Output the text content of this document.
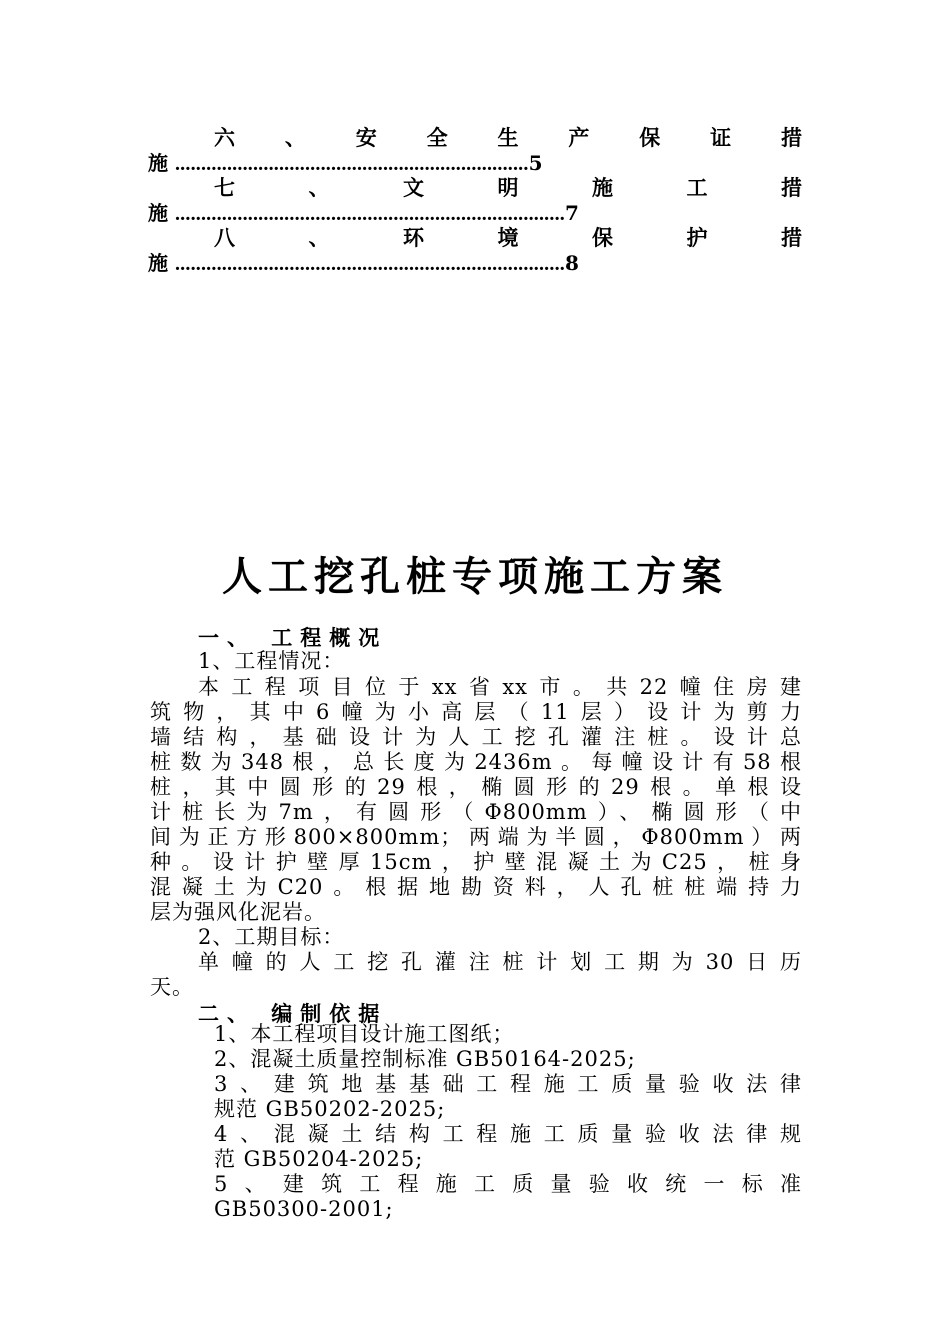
六 、 安 全 生 产 保 证 措
施 ....................................................................5
七	、	文	明	施	工	措
施 ...........................................................................7
八	、	环	境	保	护	措
施 ...........................................................................8
人工挖孔桩专项施工方案
一、 工程概况
1、工程情况：
本工程项目位于xx省xx市。共22幢住房建
筑物，其中6幢为小高层（11层）设计为剪力
墙结构，基础设计为人工挖孔灌注桩。设计总
桩数为348根，总长度为2436m。每幢设计有58根
桩，其中圆形的29根，椭圆形的29根。单根设
计桩长为7m，有圆形（Φ800mm）、椭圆形（中
间为正方形800×800mm；两端为半圆，Φ800mm）两
种。设计护壁厚15cm，护壁混凝土为C25，桩身
混凝土为C20。根据地勘资料，人孔桩桩端持力
层为强风化泥岩。
2、工期目标：
单幢的人工挖孔灌注桩计划工期为30日历
天。
二、 编制依据
1、本工程项目设计施工图纸；
2、混凝土质量控制标准 GB50164-2025;
3、建筑地基基础工程施工质量验收法律
规范 GB50202-2025;
4、混凝土结构工程施工质量验收法律规
范 GB50204-2025;
5、建筑工程施工质量验收统一标准
GB50300-2001;
